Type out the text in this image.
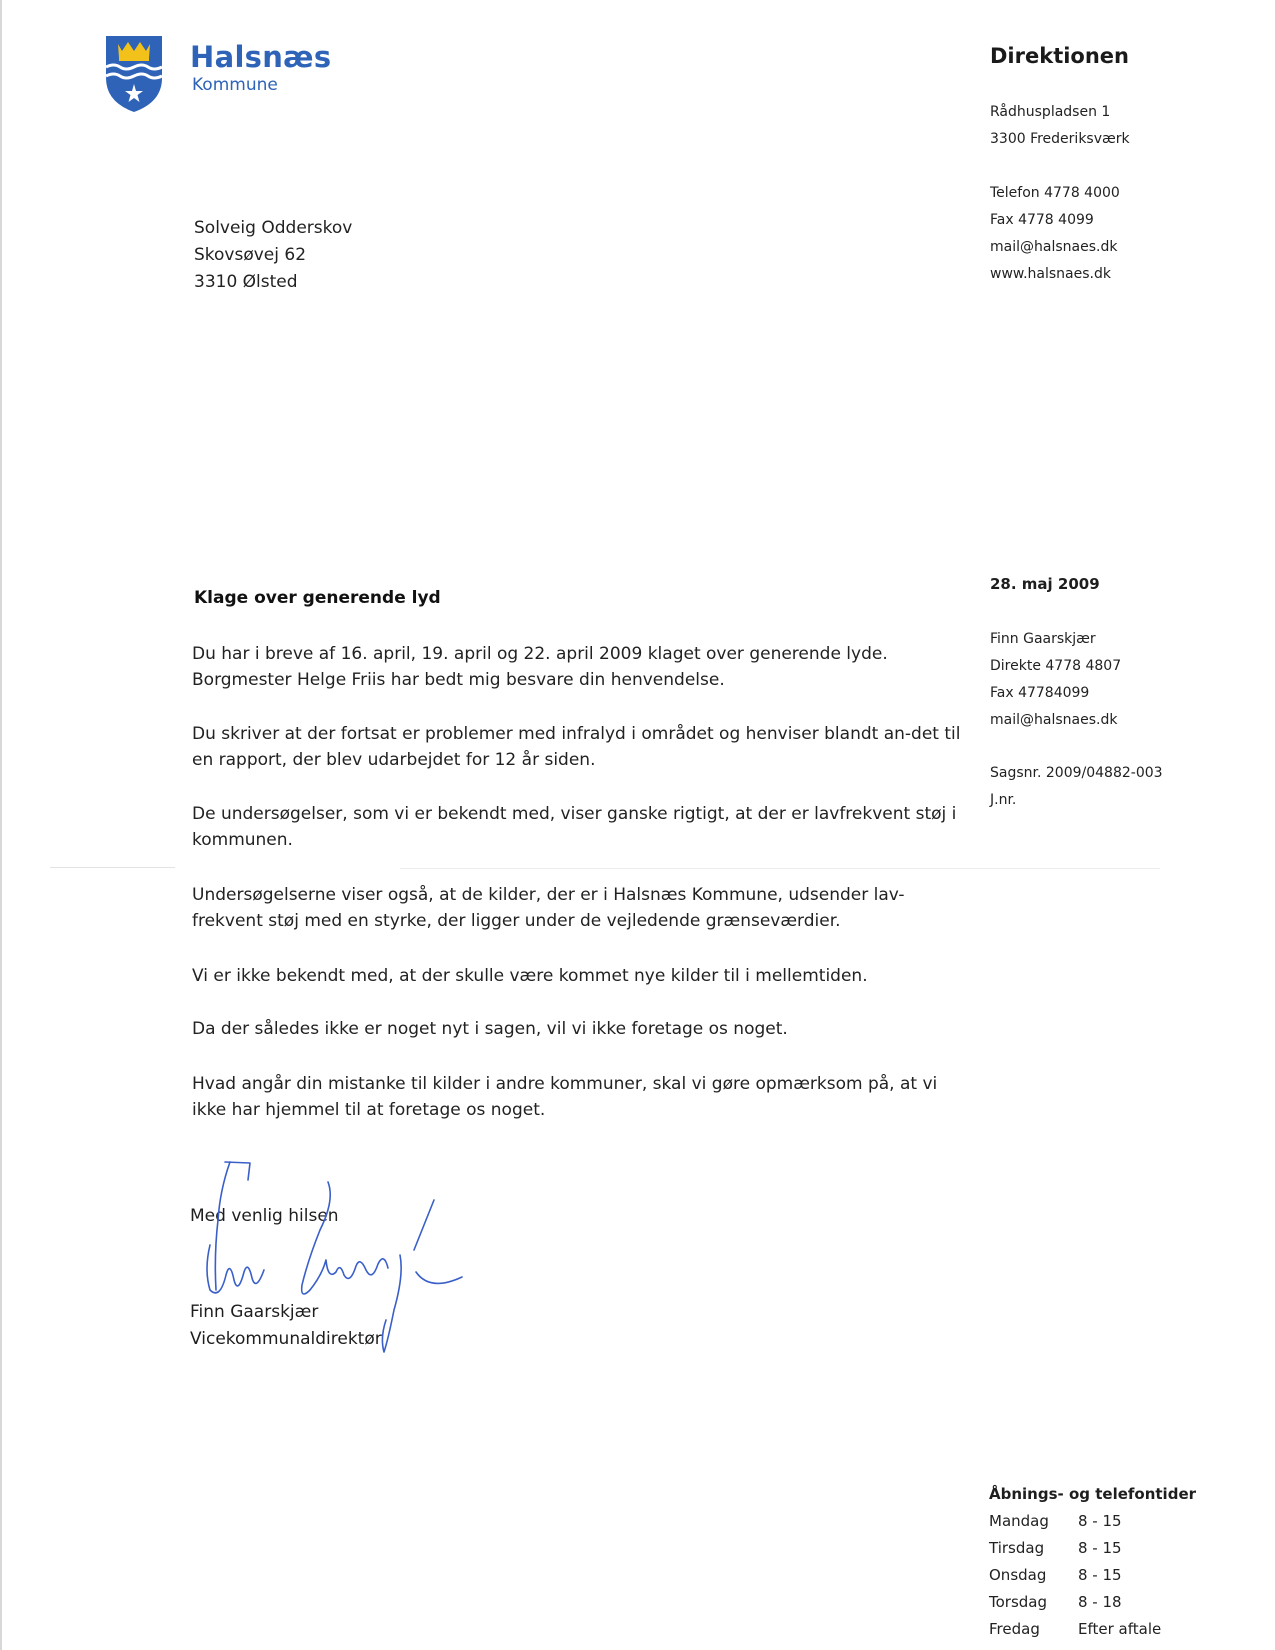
Halsnæs
Kommune
Direktionen
Rådhuspladsen 1
3300 Frederiksværk
Telefon 4778 4000
Fax 4778 4099
mail@halsnaes.dk
www.halsnaes.dk
Solveig Odderskov
Skovsøvej 62
3310 Ølsted
28. maj 2009
Finn Gaarskjær
Direkte 4778 4807
Fax 47784099
mail@halsnaes.dk
Sagsnr. 2009/04882-003
J.nr.
Klage over generende lyd
Du har i breve af 16. april, 19. april og 22. april 2009 klaget over generende lyde. Borgmester Helge Friis har bedt mig besvare din henvendelse.
Du skriver at der fortsat er problemer med infralyd i området og henviser blandt an-det til en rapport, der blev udarbejdet for 12 år siden.
De undersøgelser, som vi er bekendt med, viser ganske rigtigt, at der er lavfrekvent støj i kommunen.
Undersøgelserne viser også, at de kilder, der er i Halsnæs Kommune, udsender lav-frekvent støj med en styrke, der ligger under de vejledende grænseværdier.
Vi er ikke bekendt med, at der skulle være kommet nye kilder til i mellemtiden.
Da der således ikke er noget nyt i sagen, vil vi ikke foretage os noget.
Hvad angår din mistanke til kilder i andre kommuner, skal vi gøre opmærksom på, at vi ikke har hjemmel til at foretage os noget.
Med venlig hilsen
Finn Gaarskjær
Vicekommunaldirektør
Åbnings- og telefontider
Mandag 8 - 15
Tirsdag 8 - 15
Onsdag 8 - 15
Torsdag 8 - 18
Fredag	Efter aftale
